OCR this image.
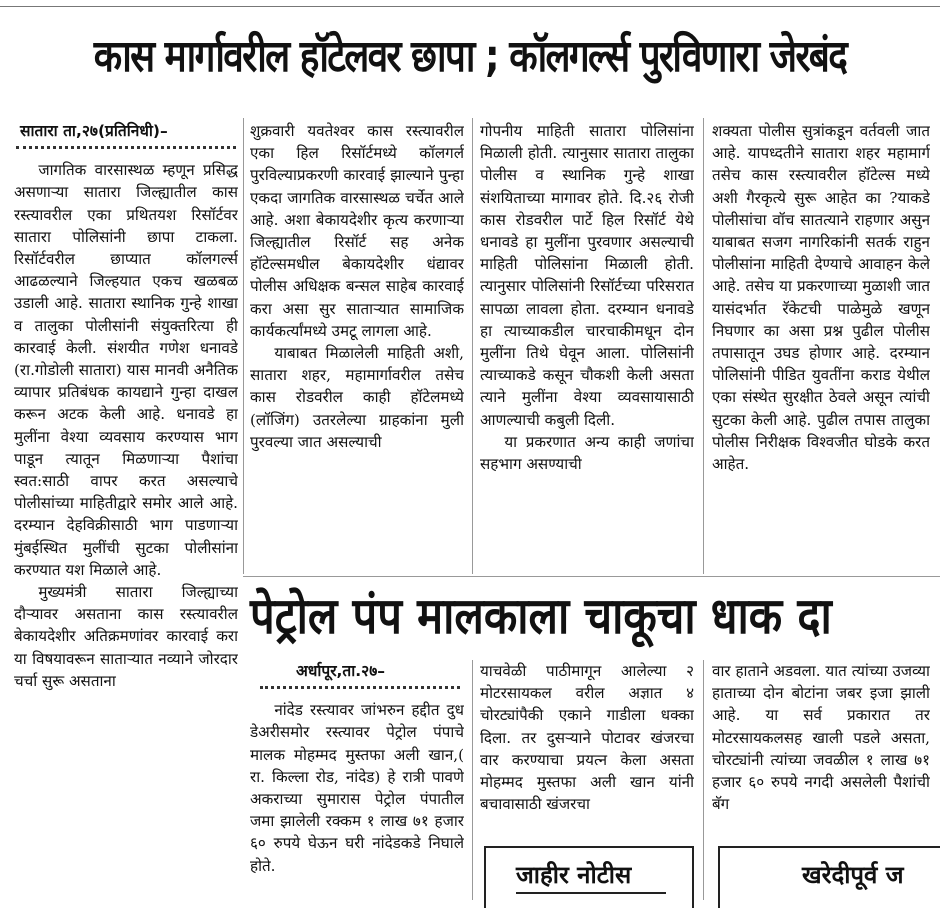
कास मार्गावरील हॉटेलवर छापा ; कॉलगर्ल्स पुरविणारा जेरबंद

सातारा ता,२७(प्रतिनिधी)–

जागतिक वारसास्थळ म्हणून प्रसिद्ध असणाऱ्या सातारा जिल्ह्यातील कास रस्त्यावरील एका प्रथितयश रिसॉर्टवर सातारा पोलिसांनी छापा टाकला. रिसॉर्टवरील छाप्यात कॉलगर्ल्स आढळल्याने जिल्हयात एकच खळबळ उडाली आहे. सातारा स्थानिक गुन्हे शाखा व तालुका पोलीसांनी संयुक्तरित्या ही कारवाई केली. संशयीत गणेश धनावडे (रा.गोडोली सातारा) यास मानवी अनैतिक व्यापार प्रतिबंधक कायद्याने गुन्हा दाखल करून अटक केली आहे. धनावडे हा मुलींना वेश्या व्यवसाय करण्यास भाग पाडून त्यातून मिळणाऱ्या पैशांचा स्वत:साठी वापर करत असल्याचे पोलीसांच्या माहितीद्वारे समोर आले आहे. दरम्यान देहविक्रीसाठी भाग पाडणाऱ्या मुंबईस्थित मुलींची सुटका पोलीसांना करण्यात यश मिळाले आहे.

मुख्यमंत्री सातारा जिल्ह्याच्या दौऱ्यावर असताना कास रस्त्यावरील बेकायदेशीर अतिक्रमणांवर कारवाई करा या विषयावरून साताऱ्यात नव्याने जोरदार चर्चा सुरू असताना

शुक्रवारी यवतेश्वर कास रस्त्यावरील एका हिल रिसॉर्टमध्ये कॉलगर्ल पुरविल्याप्रकरणी कारवाई झाल्याने पुन्हा एकदा जागतिक वारसास्थळ चर्चेत आले आहे. अशा बेकायदेशीर कृत्य करणाऱ्या जिल्ह्यातील रिसॉर्ट सह अनेक हॉटेल्समधील बेकायदेशीर धंद्यावर पोलीस अधिक्षक बन्सल साहेब कारवाई करा असा सुर साताऱ्यात सामाजिक कार्यकर्त्यांमध्ये उमटू लागला आहे.

याबाबत मिळालेली माहिती अशी, सातारा शहर, महामार्गावरील तसेच कास रोडवरील काही हॉटेलमध्ये (लॉजिंग) उतरलेल्या ग्राहकांना मुली पुरवल्या जात असल्याची

गोपनीय माहिती सातारा पोलिसांना मिळाली होती. त्यानुसार सातारा तालुका पोलीस व स्थानिक गुन्हे शाखा संशयिताच्या मागावर होते. दि.२६ रोजी कास रोडवरील पार्टे हिल रिसॉर्ट येथे धनावडे हा मुलींना पुरवणार असल्याची माहिती पोलिसांना मिळाली होती. त्यानुसार पोलिसांनी रिसॉर्टच्या परिसरात सापळा लावला होता. दरम्यान धनावडे हा त्याच्याकडील चारचाकीमधून दोन मुलींना तिथे घेवून आला. पोलिसांनी त्याच्याकडे कसून चौकशी केली असता त्याने मुलींना वेश्या व्यवसायासाठी आणल्याची कबुली दिली.

या प्रकरणात अन्य काही जणांचा सहभाग असण्याची

शक्यता पोलीस सुत्रांकडून वर्तवली जात आहे. यापध्दतीने सातारा शहर महामार्ग तसेच कास रस्त्यावरील हॉटेल्स मध्ये अशी गैरकृत्ये सुरू आहेत का ?याकडे पोलीसांचा वॉच सातत्याने राहणार असुन याबाबत सजग नागरिकांनी सतर्क राहुन पोलीसांना माहिती देण्याचे आवाहन केले आहे. तसेच या प्रकरणाच्या मुळाशी जात यासंदर्भात रॅकेटची पाळेमुळे खणून निघणार का असा प्रश्न पुढील पोलीस तपासातून उघड होणार आहे. दरम्यान पोलिसांनी पीडित युवतींना कराड येथील एका संस्थेत सुरक्षीत ठेवले असून त्यांची सुटका केली आहे. पुढील तपास तालुका पोलीस निरीक्षक विश्वजीत घोडके करत आहेत.

पेट्रोल पंप मालकाला चाकूचा धाक दा

अर्धापूर,ता.२७–

नांदेड रस्त्यावर जांभरुन हद्दीत दुध डेअरीसमोर रस्त्यावर पेट्रोल पंपाचे मालक मोहम्मद मुस्तफा अली खान,( रा. किल्ला रोड, नांदेड) हे रात्री पावणे अकराच्या सुमारास पेट्रोल पंपातील जमा झालेली रक्कम १ लाख ७१ हजार ६० रुपये घेऊन घरी नांदेडकडे निघाले होते.

याचवेळी पाठीमागून आलेल्या २ मोटरसायकल वरील अज्ञात ४ चोरट्यांपैकी एकाने गाडीला धक्का दिला. तर दुसऱ्याने पोटावर खंजरचा वार करण्याचा प्रयत्न केला असता मोहम्मद मुस्तफा अली खान यांनी बचावासाठी खंजरचा

वार हाताने अडवला. यात त्यांच्या उजव्या हाताच्या दोन बोटांना जबर इजा झाली आहे. या सर्व प्रकारात तर मोटरसायकलसह खाली पडले असता, चोरट्यांनी त्यांच्या जवळील १ लाख ७१ हजार ६० रुपये नगदी असलेली पैशांची बॅग

जाहीर नोटीस	खरेदीपूर्व ज
